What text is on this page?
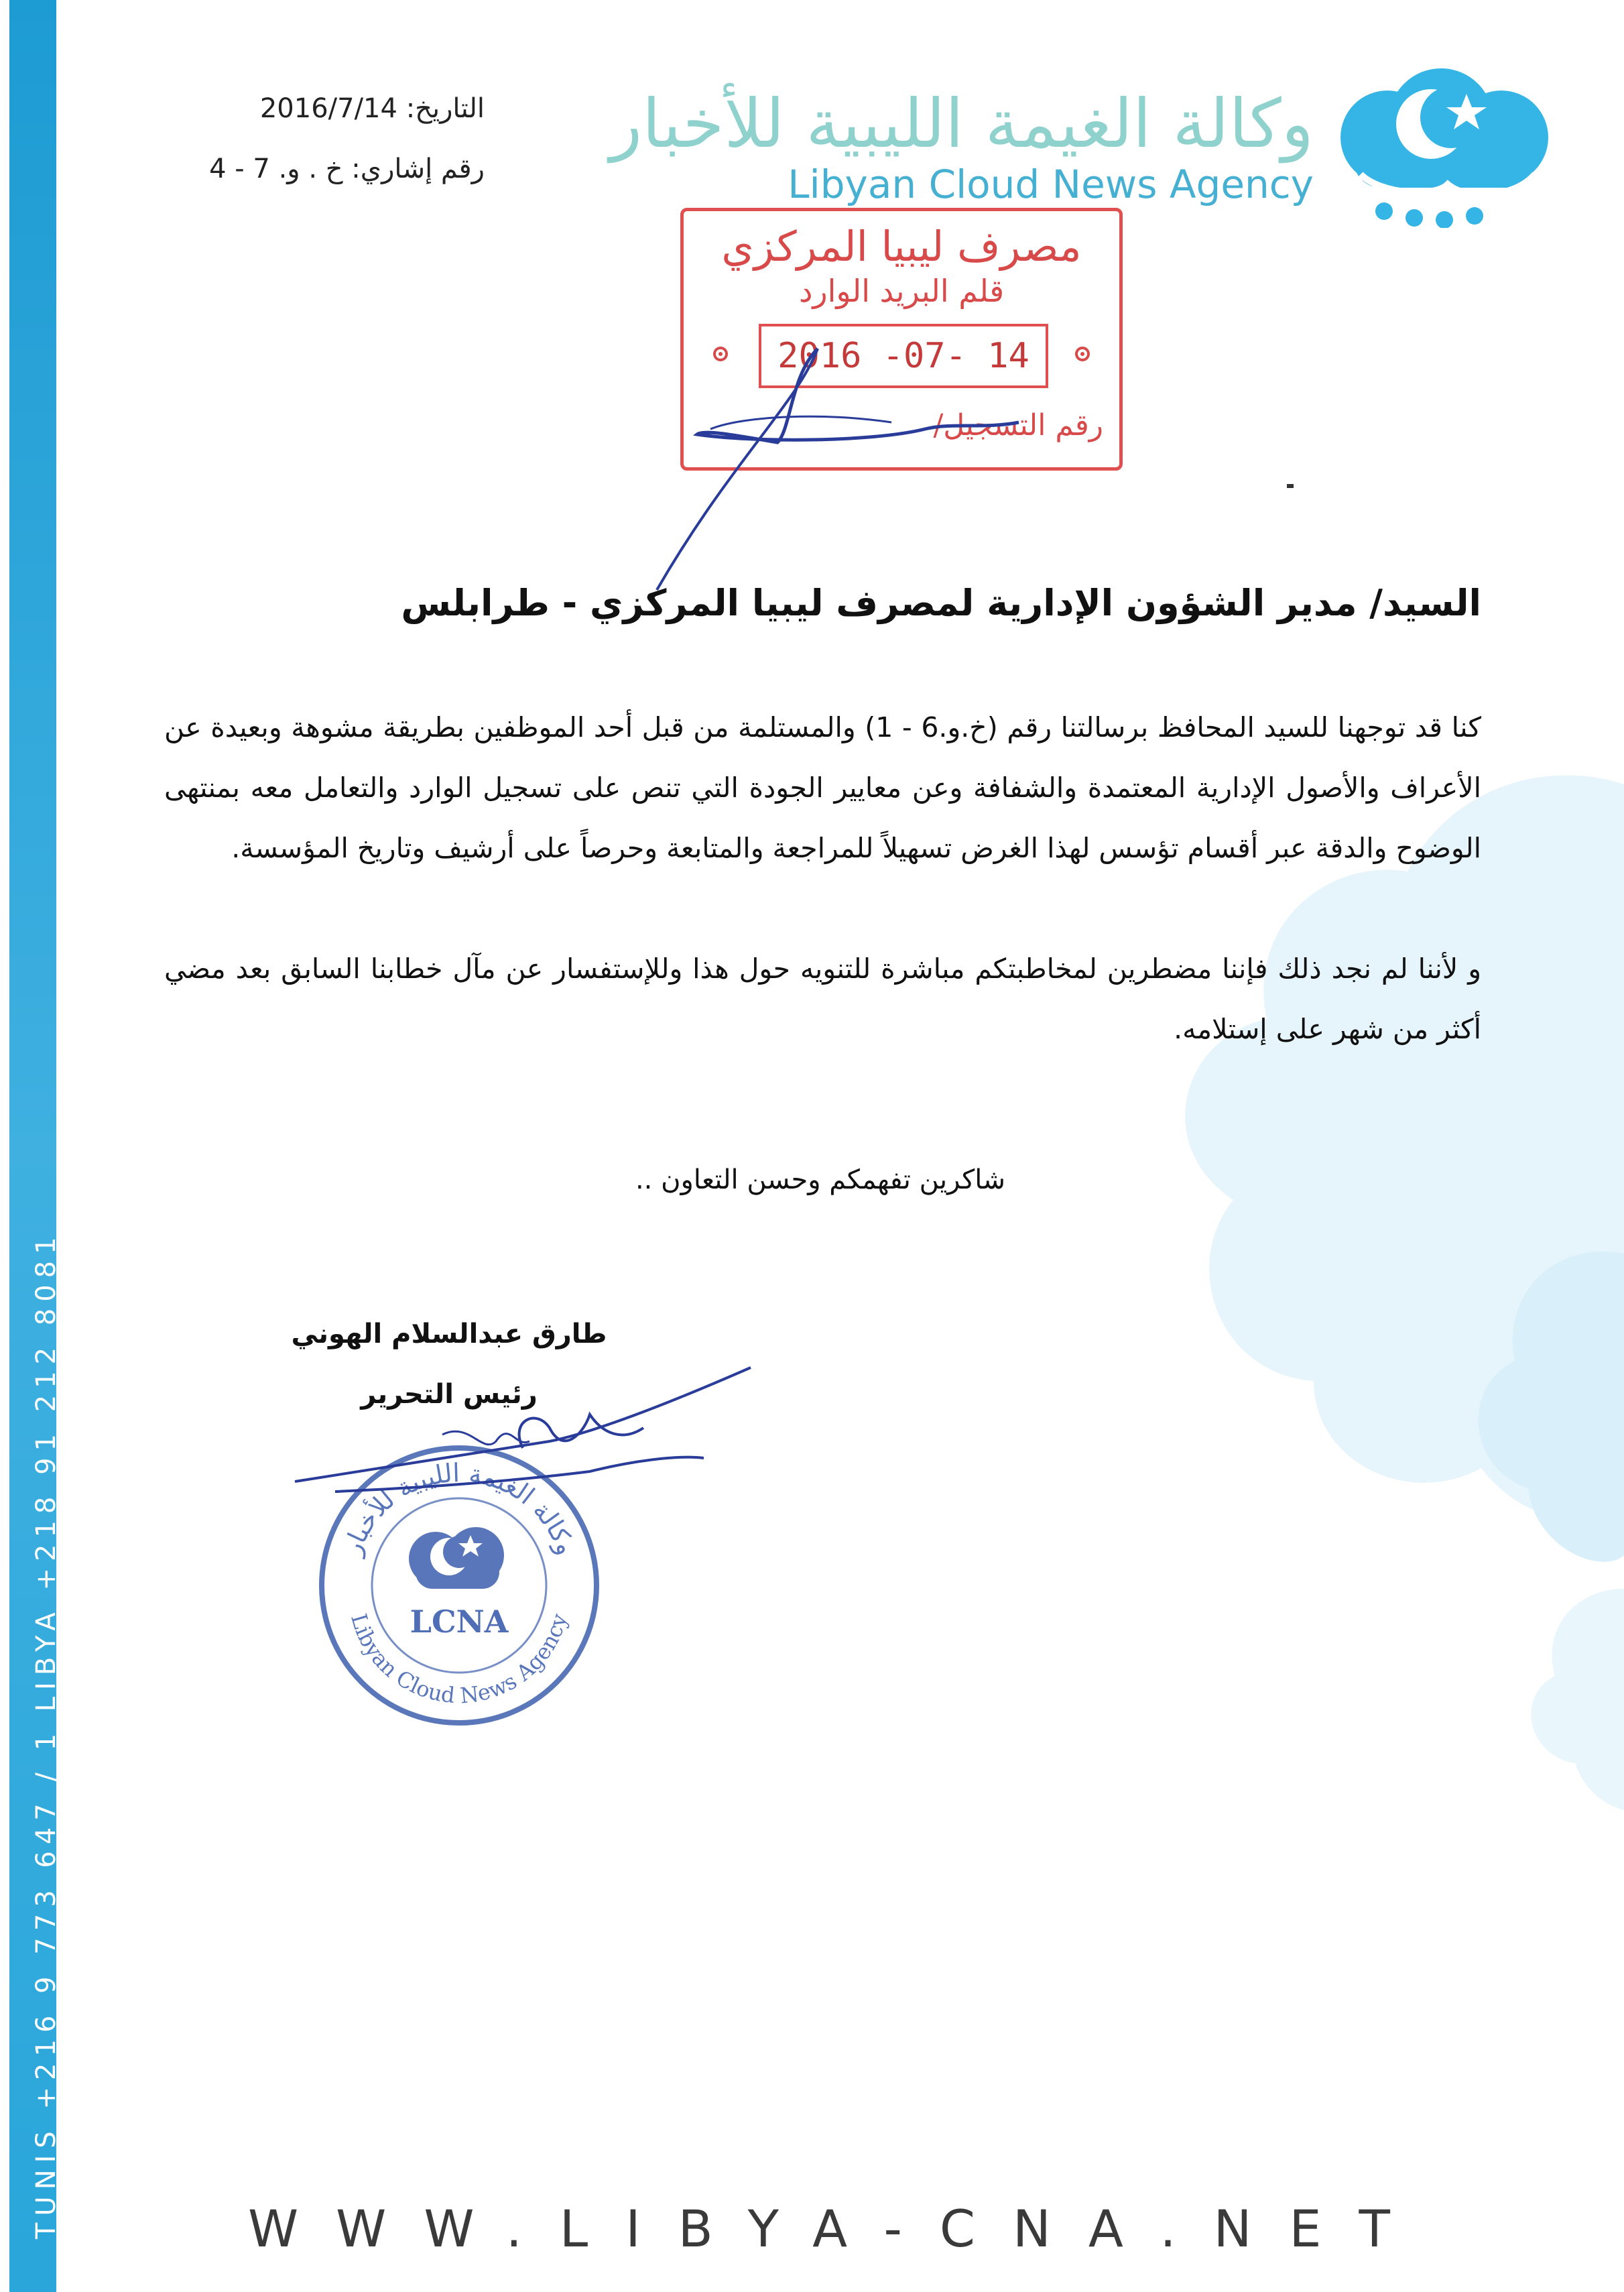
TUNIS +216 9 773 647 / 1 LIBYA +218 91 212 8081
وكالة الغيمة الليبية للأخبار
Libyan Cloud News Agency
التاريخ: 2016/7/14
رقم إشاري: خ . و. 7 - 4
مصرف ليبيا المركزي
قلم البريد الوارد
2016 -07- 14
رقم التسجيل/
السيد/ مدير الشؤون الإدارية لمصرف ليبيا المركزي - طرابلس
كنا قد توجهنا للسيد المحافظ برسالتنا رقم (خ.و.6 - 1) والمستلمة من قبل أحد الموظفين بطريقة مشوهة وبعيدة عن الأعراف والأصول الإدارية المعتمدة والشفافة وعن معايير الجودة التي تنص على تسجيل الوارد والتعامل معه بمنتهى الوضوح والدقة عبر أقسام تؤسس لهذا الغرض تسهيلاً للمراجعة والمتابعة وحرصاً على أرشيف وتاريخ المؤسسة.
و لأننا لم نجد ذلك فإننا مضطرين لمخاطبتكم مباشرة للتنويه حول هذا وللإستفسار عن مآل خطابنا السابق بعد مضي أكثر من شهر على إستلامه.
شاكرين تفهمكم وحسن التعاون ..
طارق عبدالسلام الهوني
رئيس التحرير
وكالة الغيمة الليبية للأخبار
Libyan Cloud News Agency
LCNA
WWW.LIBYA-CNA.NET
